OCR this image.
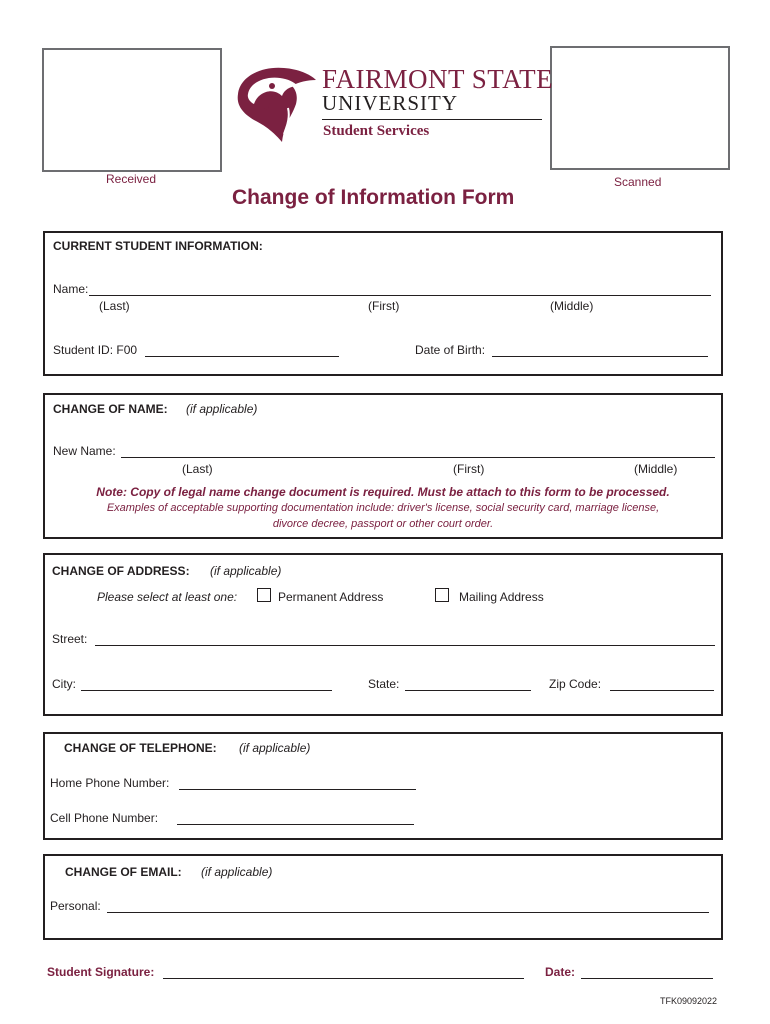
Received	Scanned
FAIRMONT STATE
UNIVERSITY
Student Services
Change of Information Form
CURRENT STUDENT INFORMATION:
Name:
(Last)	(First)	(Middle)
Student ID: F00	Date of Birth:
CHANGE OF NAME: (if applicable)
New Name:
(Last)	(First)	(Middle)
Note: Copy of legal name change document is required. Must be attach to this form to be processed.
Examples of acceptable supporting documentation include: driver's license, social security card, marriage license,
divorce decree, passport or other court order.
CHANGE OF ADDRESS: (if applicable)
Please select at least one:	Permanent Address	Mailing Address
Street:
City:	State:	Zip Code:
CHANGE OF TELEPHONE: (if applicable)
Home Phone Number:
Cell Phone Number:
CHANGE OF EMAIL: (if applicable)
Personal:
Student Signature:	Date:
TFK09092022
